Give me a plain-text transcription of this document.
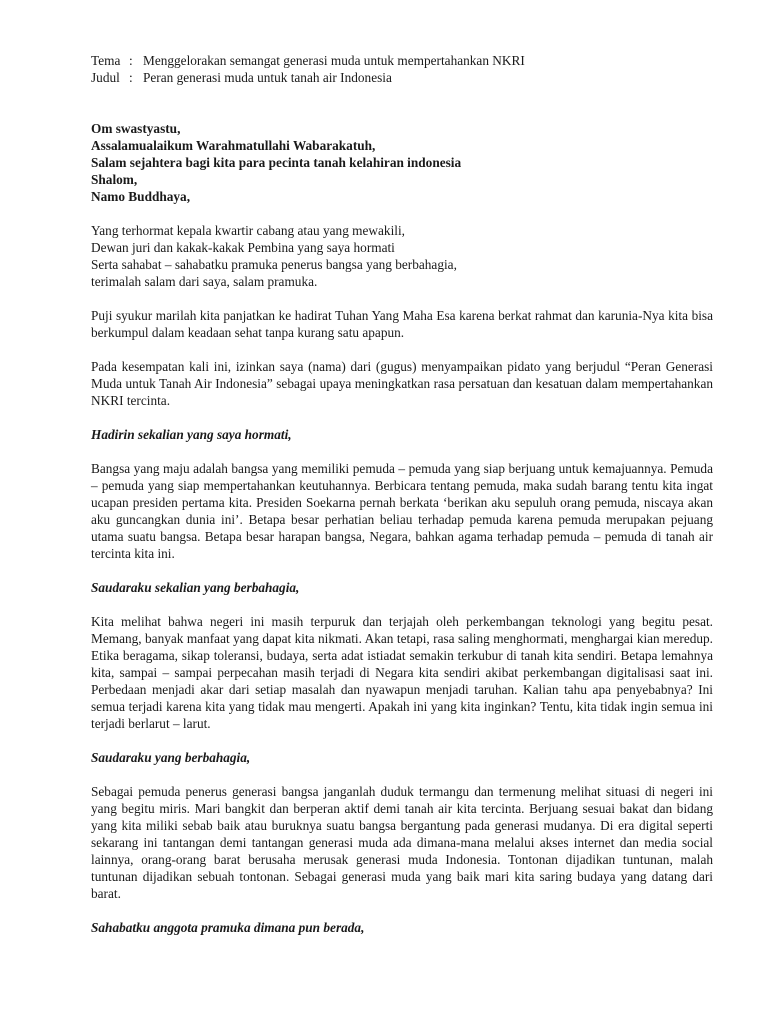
Tema : Menggelorakan semangat generasi muda untuk mempertahankan NKRI
Judul : Peran generasi muda untuk tanah air Indonesia
Om swastyastu,
Assalamualaikum Warahmatullahi Wabarakatuh,
Salam sejahtera bagi kita para pecinta tanah kelahiran indonesia
Shalom,
Namo Buddhaya,
Yang terhormat kepala kwartir cabang atau yang mewakili,
Dewan juri dan kakak-kakak Pembina yang saya hormati
Serta sahabat – sahabatku pramuka penerus bangsa yang berbahagia,
terimalah salam dari saya, salam pramuka.
Puji syukur marilah kita panjatkan ke hadirat Tuhan Yang Maha Esa karena berkat rahmat dan karunia-Nya kita bisa berkumpul dalam keadaan sehat tanpa kurang satu apapun.
Pada kesempatan kali ini, izinkan saya (nama) dari (gugus) menyampaikan pidato yang berjudul “Peran Generasi Muda untuk Tanah Air Indonesia” sebagai upaya meningkatkan rasa persatuan dan kesatuan dalam mempertahankan NKRI tercinta.
Hadirin sekalian yang saya hormati,
Bangsa yang maju adalah bangsa yang memiliki pemuda – pemuda yang siap berjuang untuk kemajuannya. Pemuda – pemuda yang siap mempertahankan keutuhannya. Berbicara tentang pemuda, maka sudah barang tentu kita ingat ucapan presiden pertama kita. Presiden Soekarna pernah berkata ‘berikan aku sepuluh orang pemuda, niscaya akan aku guncangkan dunia ini’. Betapa besar perhatian beliau terhadap pemuda karena pemuda merupakan pejuang utama suatu bangsa. Betapa besar harapan bangsa, Negara, bahkan agama terhadap pemuda – pemuda di tanah air tercinta kita ini.
Saudaraku sekalian yang berbahagia,
Kita melihat bahwa negeri ini masih terpuruk dan terjajah oleh perkembangan teknologi yang begitu pesat. Memang, banyak manfaat yang dapat kita nikmati. Akan tetapi, rasa saling menghormati, menghargai kian meredup. Etika beragama, sikap toleransi, budaya, serta adat istiadat semakin terkubur di tanah kita sendiri. Betapa lemahnya kita, sampai – sampai perpecahan masih terjadi di Negara kita sendiri akibat perkembangan digitalisasi saat ini. Perbedaan menjadi akar dari setiap masalah dan nyawapun menjadi taruhan. Kalian tahu apa penyebabnya? Ini semua terjadi karena kita yang tidak mau mengerti. Apakah ini yang kita inginkan? Tentu, kita tidak ingin semua ini terjadi berlarut – larut.
Saudaraku yang berbahagia,
Sebagai pemuda penerus generasi bangsa janganlah duduk termangu dan termenung melihat situasi di negeri ini yang begitu miris. Mari bangkit dan berperan aktif demi tanah air kita tercinta. Berjuang sesuai bakat dan bidang yang kita miliki sebab baik atau buruknya suatu bangsa bergantung pada generasi mudanya. Di era digital seperti sekarang ini tantangan demi tantangan generasi muda ada dimana-mana melalui akses internet dan media social lainnya, orang-orang barat berusaha merusak generasi muda Indonesia. Tontonan dijadikan tuntunan, malah tuntunan dijadikan sebuah tontonan. Sebagai generasi muda yang baik mari kita saring budaya yang datang dari barat.
Sahabatku anggota pramuka dimana pun berada,
